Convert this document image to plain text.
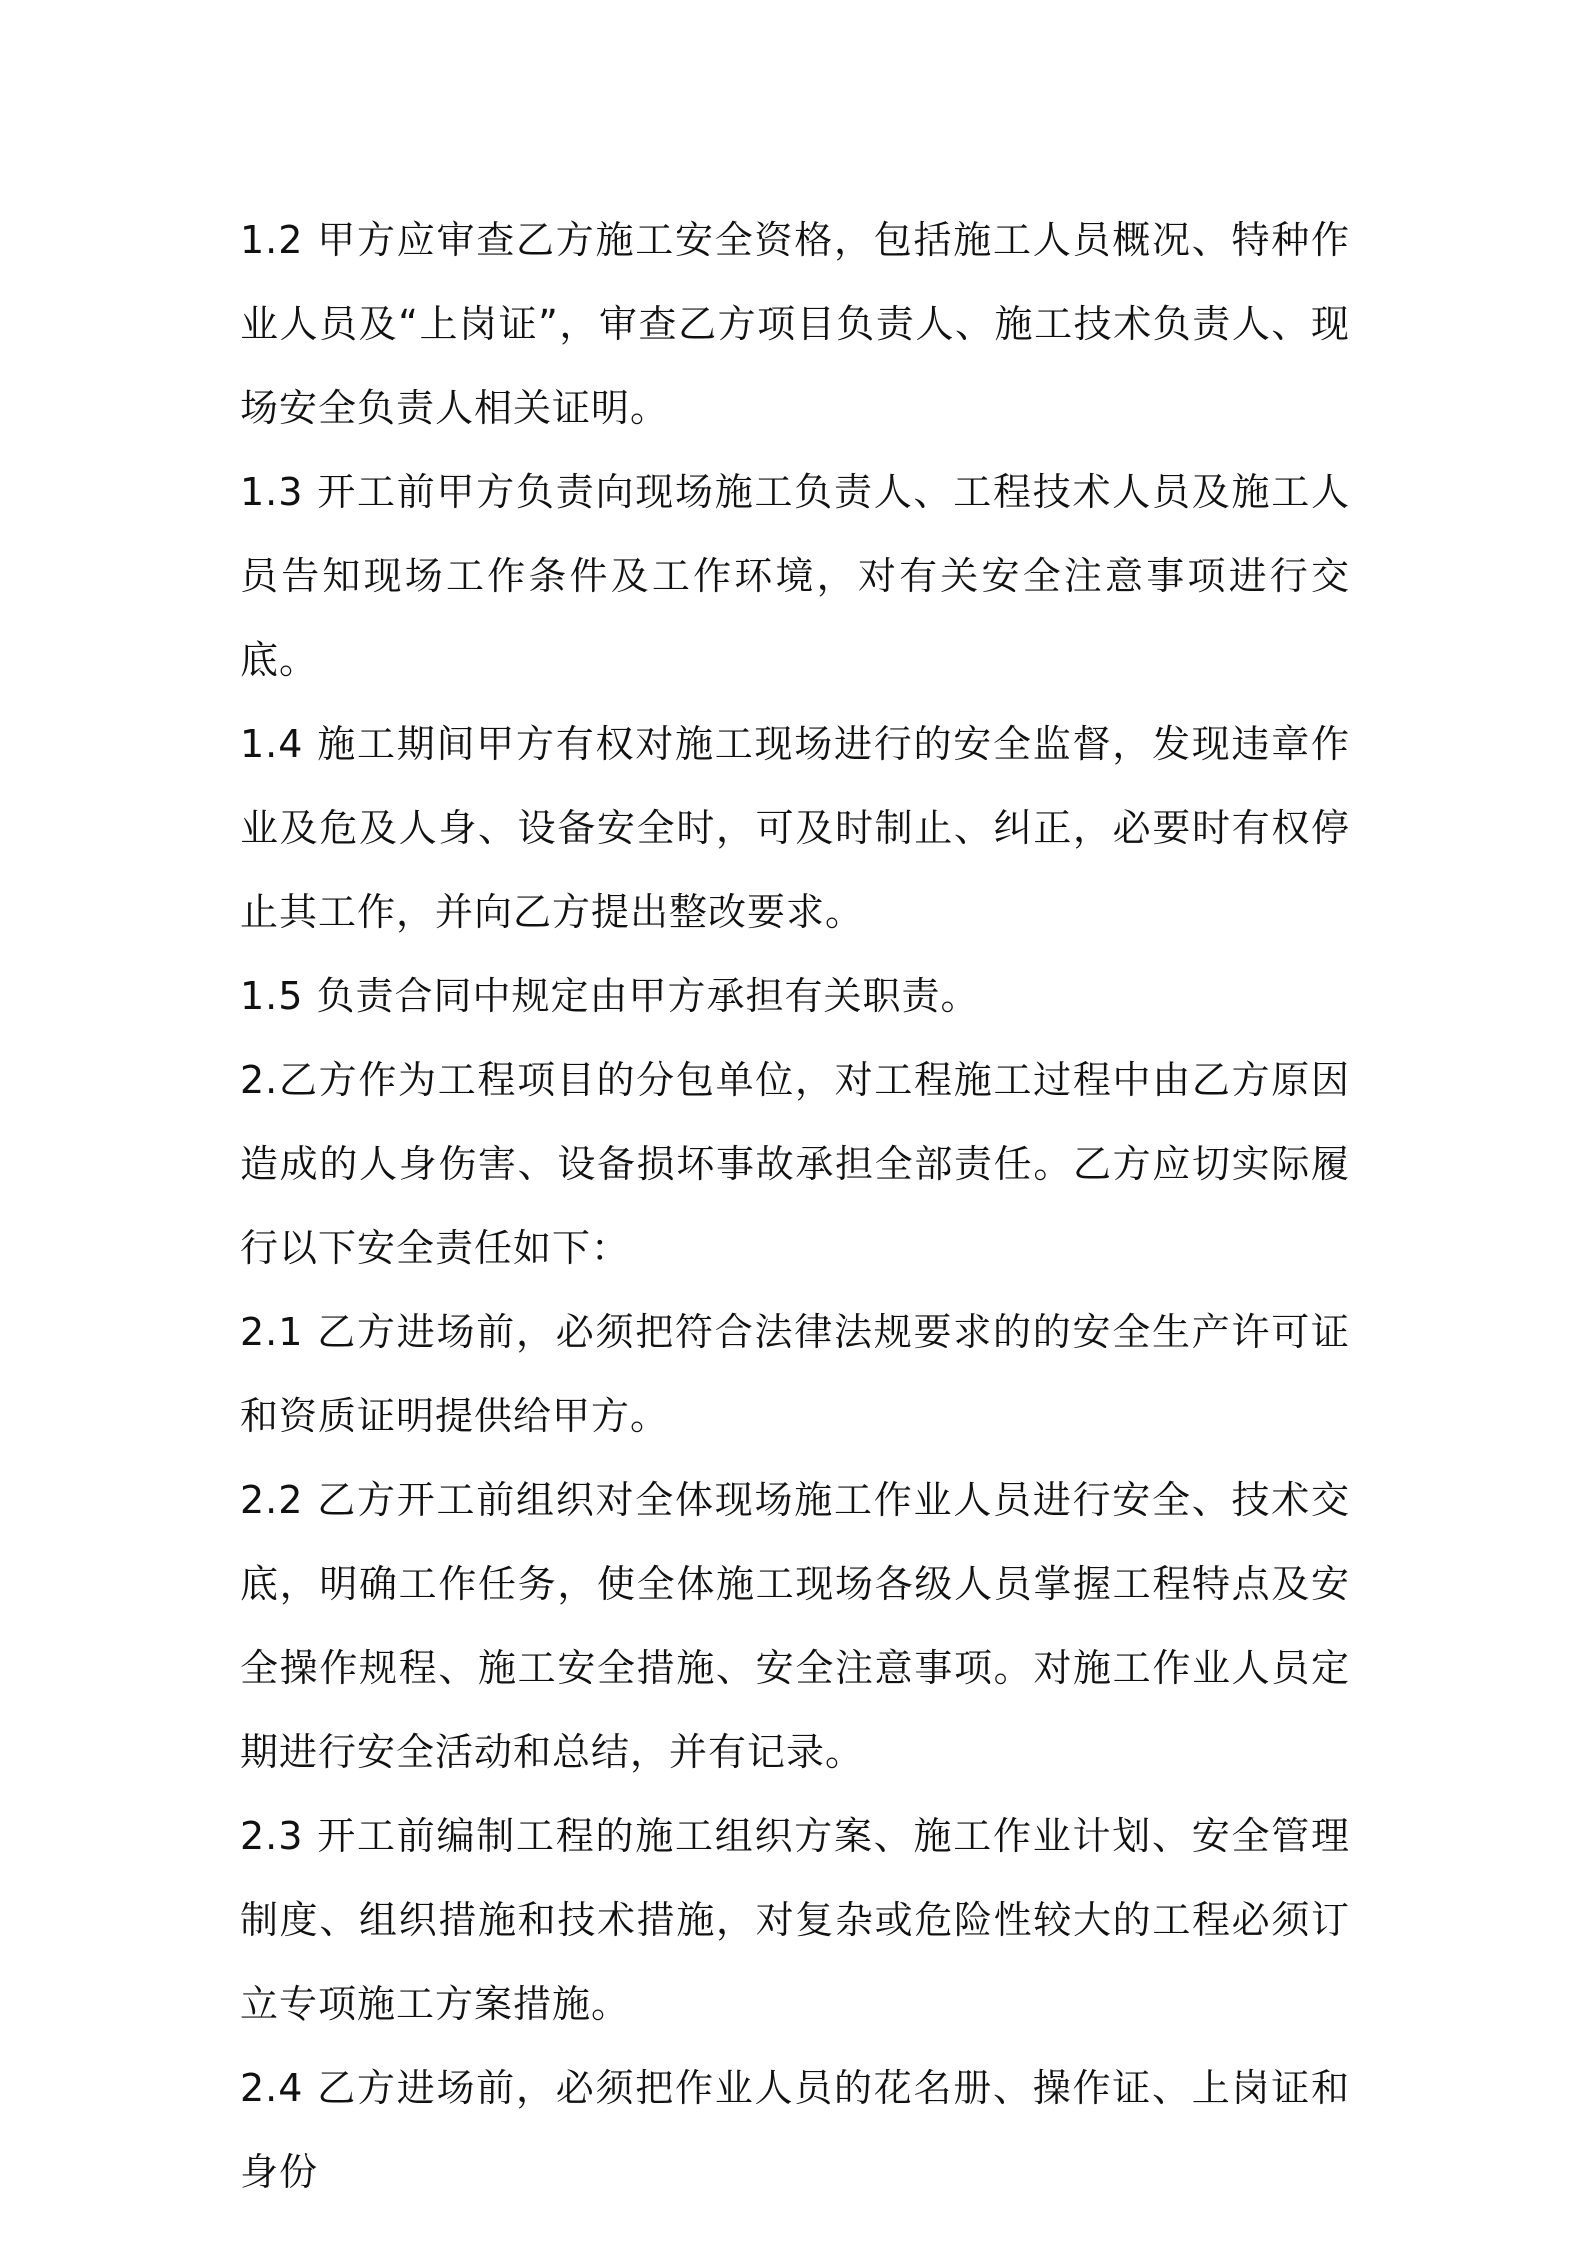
1.2 甲方应审查乙方施工安全资格，包括施工人员概况、特种作业人员及“上岗证”，审查乙方项目负责人、施工技术负责人、现场安全负责人相关证明。

1.3 开工前甲方负责向现场施工负责人、工程技术人员及施工人员告知现场工作条件及工作环境，对有关安全注意事项进行交底。

1.4 施工期间甲方有权对施工现场进行的安全监督，发现违章作业及危及人身、设备安全时，可及时制止、纠正，必要时有权停止其工作，并向乙方提出整改要求。

1.5 负责合同中规定由甲方承担有关职责。

2.乙方作为工程项目的分包单位，对工程施工过程中由乙方原因造成的人身伤害、设备损坏事故承担全部责任。乙方应切实际履行以下安全责任如下：

2.1 乙方进场前，必须把符合法律法规要求的的安全生产许可证和资质证明提供给甲方。

2.2 乙方开工前组织对全体现场施工作业人员进行安全、技术交底，明确工作任务，使全体施工现场各级人员掌握工程特点及安全操作规程、施工安全措施、安全注意事项。对施工作业人员定期进行安全活动和总结，并有记录。

2.3 开工前编制工程的施工组织方案、施工作业计划、安全管理制度、组织措施和技术措施，对复杂或危险性较大的工程必须订立专项施工方案措施。

2.4 乙方进场前，必须把作业人员的花名册、操作证、上岗证和身份
